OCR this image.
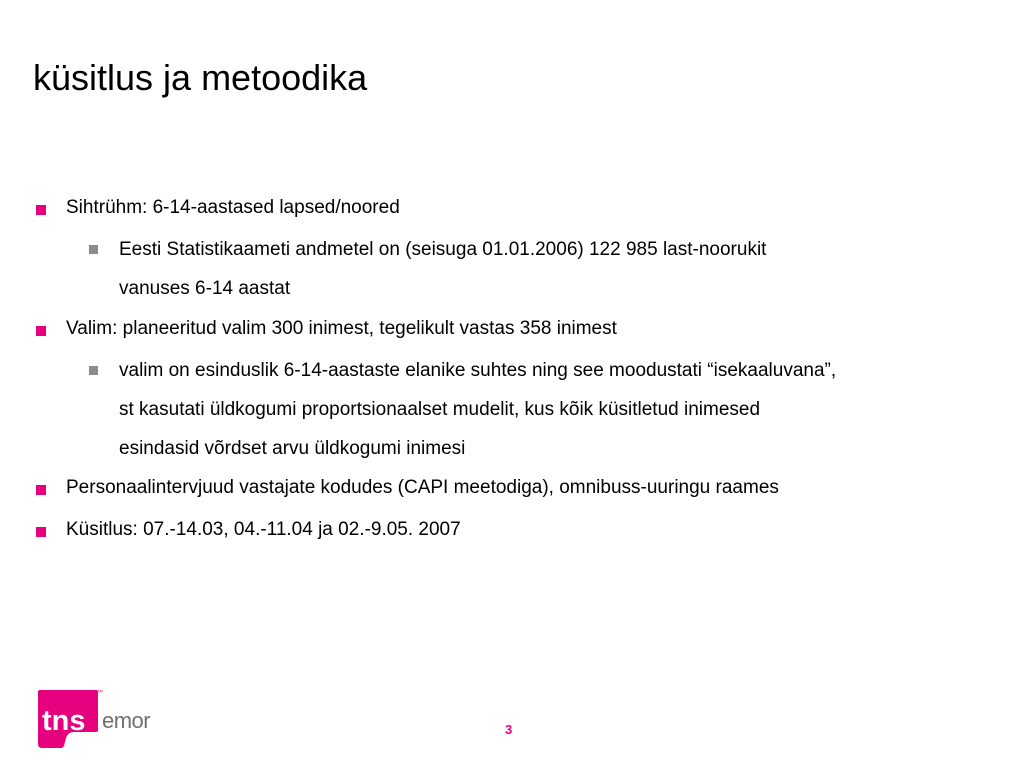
küsitlus ja metoodika
Sihtrühm: 6-14-aastased lapsed/noored
Eesti Statistikaameti andmetel on (seisuga 01.01.2006) 122 985 last-noorukit
vanuses 6-14 aastat
Valim: planeeritud valim 300 inimest, tegelikult vastas 358 inimest
valim on esinduslik 6-14-aastaste elanike suhtes ning see moodustati “isekaaluvana”,
st kasutati üldkogumi proportsionaalset mudelit, kus kõik küsitletud inimesed
esindasid võrdset arvu üldkogumi inimesi
Personaalintervjuud vastajate kodudes (CAPI meetodiga), omnibuss-uuringu raames
Küsitlus: 07.-14.03, 04.-11.04 ja 02.-9.05. 2007
tns
™
emor	3
